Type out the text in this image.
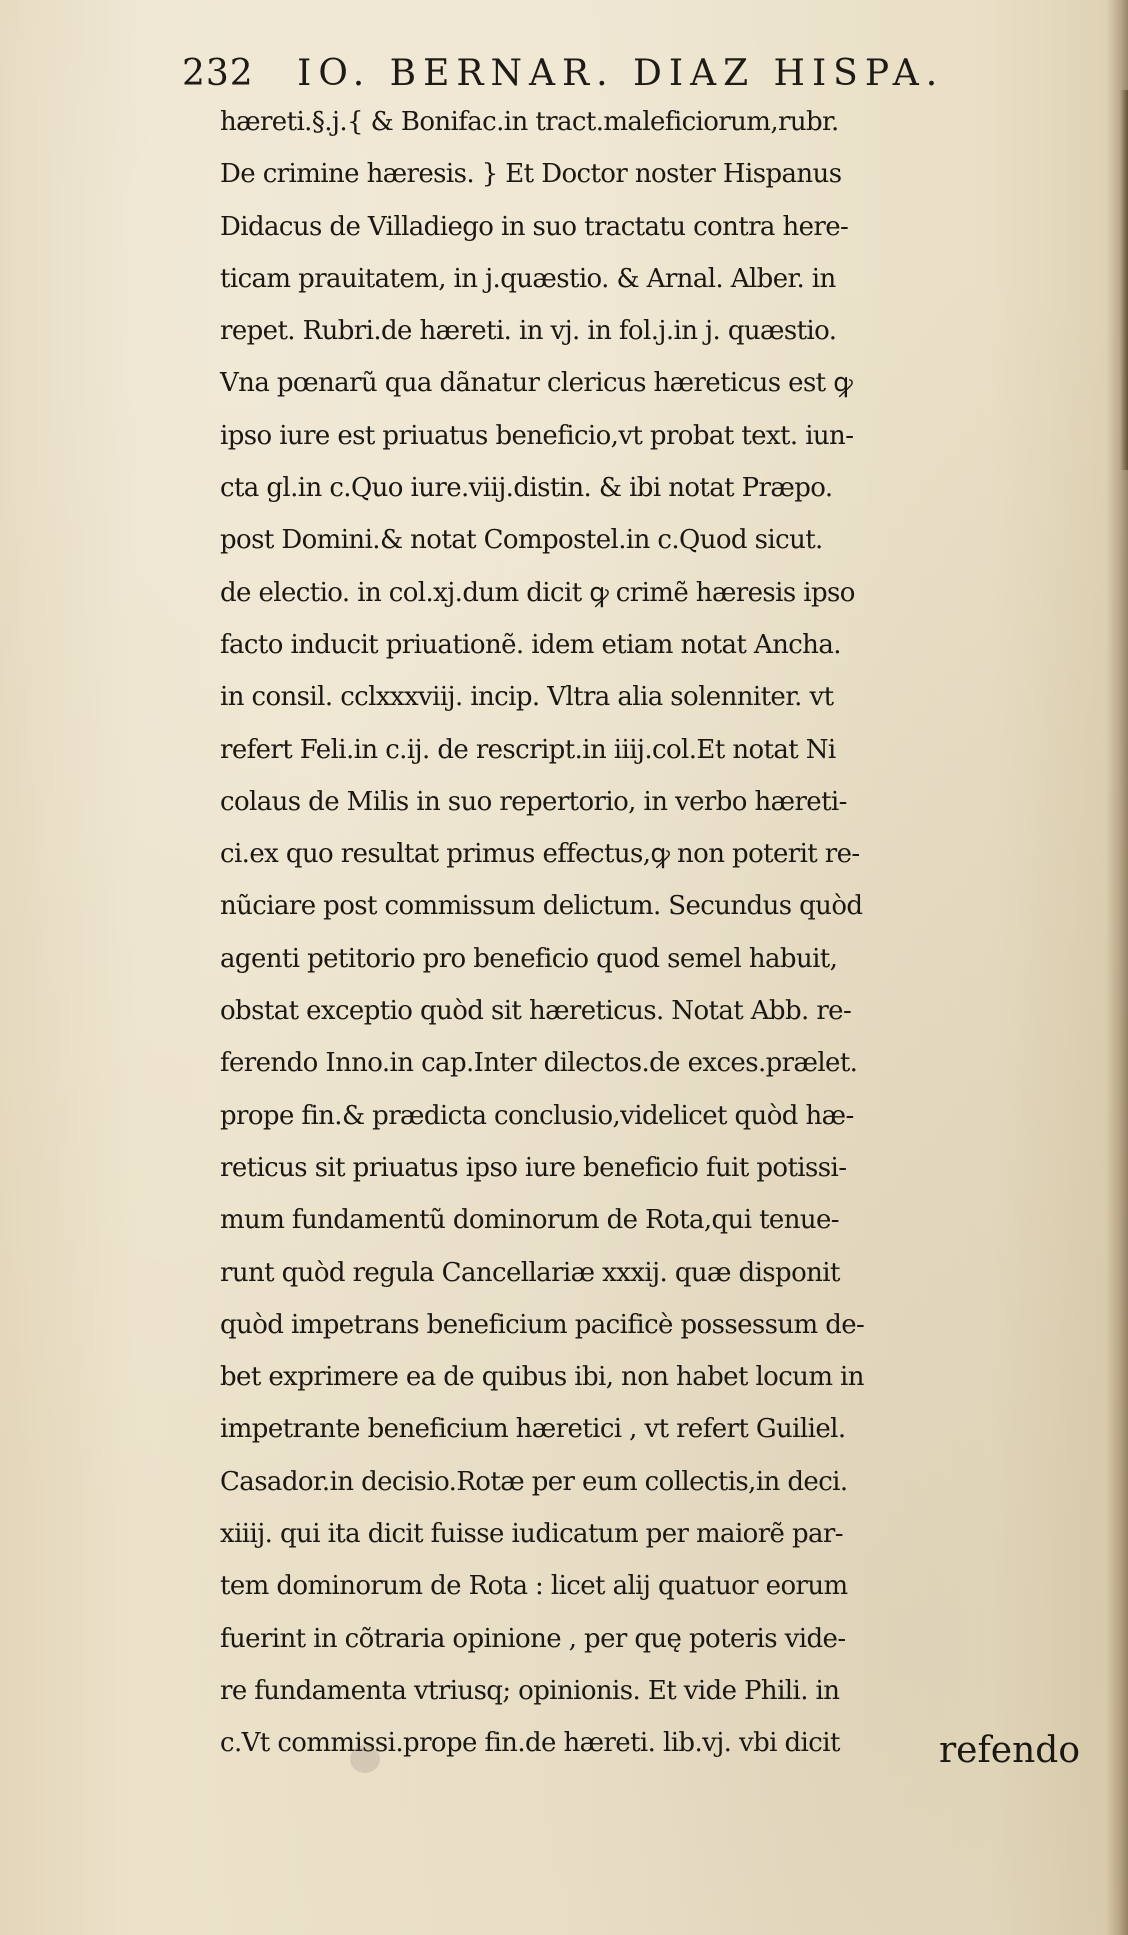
232 IO. BERNAR. DIAZ HISPA.
hæreti.§.j.{ & Bonifac.in tract.maleficiorum,rubr.
De crimine hæresis. } Et Doctor noster Hispanus
Didacus de Villadiego in suo tractatu contra here-
ticam prauitatem, in j.quæstio. & Arnal. Alber. in
repet. Rubri.de hæreti. in vj. in fol.j.in j. quæstio.
Vna pœnarũ qua dãnatur clericus hæreticus est ꝙ
ipso iure est priuatus beneficio,vt probat text. iun-
cta gl.in c.Quo iure.viij.distin. & ibi notat Præpo.
post Domini.& notat Compostel.in c.Quod sicut.
de electio. in col.xj.dum dicit ꝙ crimẽ hæresis ipso
facto inducit priuationẽ. idem etiam notat Ancha.
in consil. cclxxxviij. incip. Vltra alia solenniter. vt
refert Feli.in c.ij. de rescript.in iiij.col.Et notat Ni
colaus de Milis in suo repertorio, in verbo hæreti-
ci.ex quo resultat primus effectus,ꝙ non poterit re-
nũciare post commissum delictum. Secundus quòd
agenti petitorio pro beneficio quod semel habuit,
obstat exceptio quòd sit hæreticus. Notat Abb. re-
ferendo Inno.in cap.Inter dilectos.de exces.prælet.
prope fin.& prædicta conclusio,videlicet quòd hæ-
reticus sit priuatus ipso iure beneficio fuit potissi-
mum fundamentũ dominorum de Rota,qui tenue-
runt quòd regula Cancellariæ xxxij. quæ disponit
quòd impetrans beneficium pacificè possessum de-
bet exprimere ea de quibus ibi, non habet locum in
impetrante beneficium hæretici , vt refert Guiliel.
Casador.in decisio.Rotæ per eum collectis,in deci.
xiiij. qui ita dicit fuisse iudicatum per maiorẽ par-
tem dominorum de Rota : licet alij quatuor eorum
fuerint in cõtraria opinione , per quę poteris vide-
re fundamenta vtriusq; opinionis. Et vide Phili. in
c.Vt commissi.prope fin.de hæreti. lib.vj. vbi dicit	refendo
